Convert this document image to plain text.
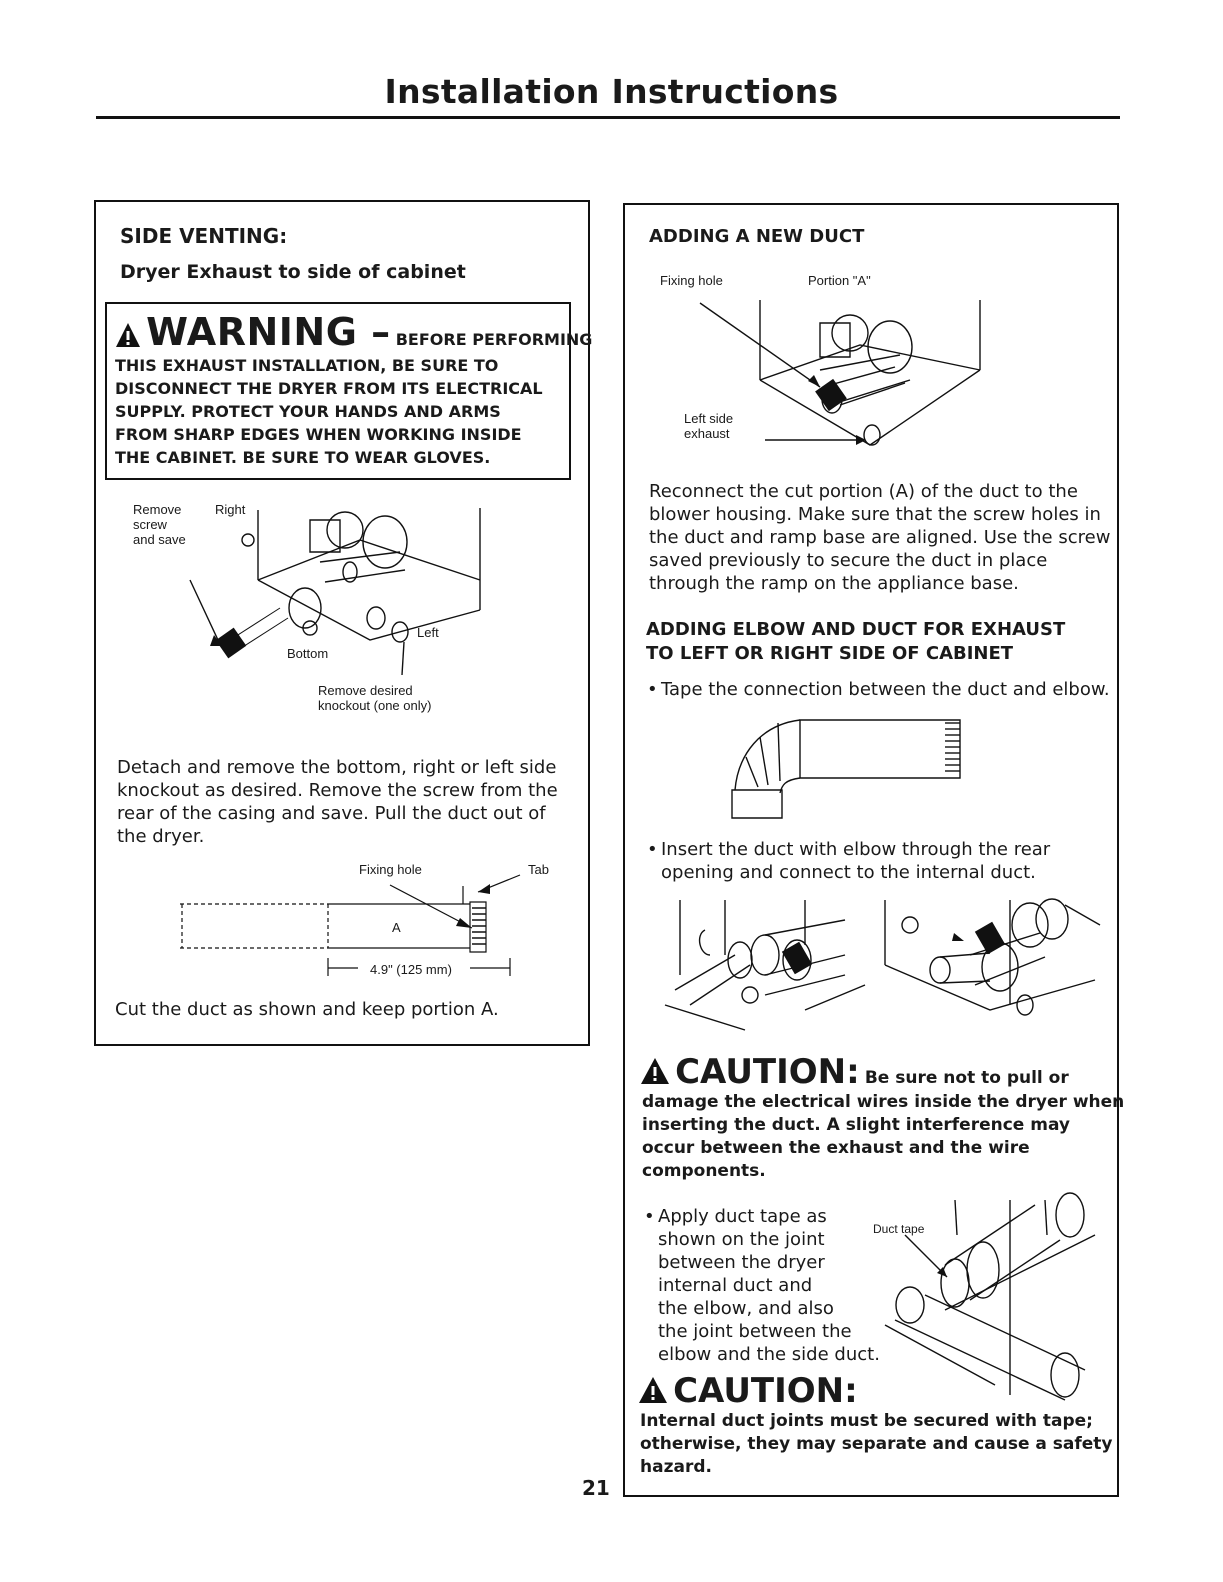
Installation Instructions
SIDE VENTING:
Dryer Exhaust to side of cabinet
WARNING – BEFORE PERFORMING
THIS EXHAUST INSTALLATION, BE SURE TO
DISCONNECT THE DRYER FROM ITS ELECTRICAL
SUPPLY. PROTECT YOUR HANDS AND ARMS
FROM SHARP EDGES WHEN WORKING INSIDE
THE CABINET. BE SURE TO WEAR GLOVES.
Remove
screw
and save
Right
Left
Bottom
Remove desired
knockout (one only)
Detach and remove the bottom, right or left side
knockout as desired. Remove the screw from the
rear of the casing and save. Pull the duct out of
the dryer.
Fixing hole	Tab
A
4.9" (125 mm)
Cut the duct as shown and keep portion A.
ADDING A NEW DUCT
Fixing hole	Portion "A"
Left side
exhaust
Reconnect the cut portion (A) of the duct to the
blower housing. Make sure that the screw holes in
the duct and ramp base are aligned. Use the screw
saved previously to secure the duct in place
through the ramp on the appliance base.
ADDING ELBOW AND DUCT FOR EXHAUST
TO LEFT OR RIGHT SIDE OF CABINET
• Tape the connection between the duct and elbow.
• Insert the duct with elbow through the rear
opening and connect to the internal duct.
CAUTION: Be sure not to pull or
damage the electrical wires inside the dryer when
inserting the duct. A slight interference may
occur between the exhaust and the wire
components.
• Apply duct tape as
shown on the joint
between the dryer
internal duct and
the elbow, and also
the joint between the
elbow and the side duct.
Duct tape
CAUTION:
Internal duct joints must be secured with tape;
otherwise, they may separate and cause a safety
hazard.
21
